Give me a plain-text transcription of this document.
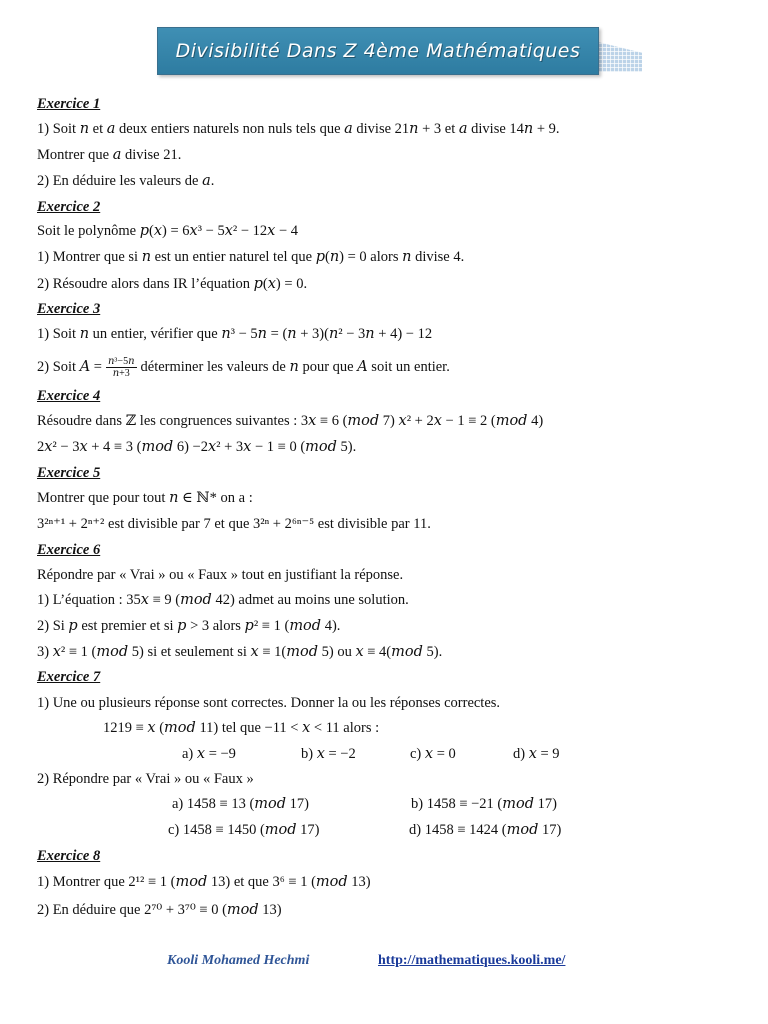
Divisibilité Dans Z 4ème Mathématiques
Exercice 1
1) Soit 𝑛 et 𝑎 deux entiers naturels non nuls tels que 𝑎 divise 21𝑛 + 3 et 𝑎 divise 14𝑛 + 9.
Montrer que 𝑎 divise 21.
2) En déduire les valeurs de 𝑎.
Exercice 2
Soit le polynôme 𝑝(𝑥) = 6𝑥³ − 5𝑥² − 12𝑥 − 4
1) Montrer que si 𝑛 est un entier naturel tel que 𝑝(𝑛) = 0 alors 𝑛 divise 4.
2) Résoudre alors dans IR l’équation 𝑝(𝑥) = 0.
Exercice 3
1) Soit 𝑛 un entier, vérifier que 𝑛³ − 5𝑛 = (𝑛 + 3)(𝑛² − 3𝑛 + 4) − 12
Exercice 4
Résoudre dans ℤ les congruences suivantes : 3𝑥 ≡ 6 (𝑚𝑜𝑑 7) 𝑥² + 2𝑥 − 1 ≡ 2 (𝑚𝑜𝑑 4)
2𝑥² − 3𝑥 + 4 ≡ 3 (𝑚𝑜𝑑 6) −2𝑥² + 3𝑥 − 1 ≡ 0 (𝑚𝑜𝑑 5).
Exercice 5
Montrer que pour tout 𝑛 ∈ ℕ* on a :
3²ⁿ⁺¹ + 2ⁿ⁺² est divisible par 7 et que 3²ⁿ + 2⁶ⁿ⁻⁵ est divisible par 11.
Exercice 6
Répondre par « Vrai » ou « Faux » tout en justifiant la réponse.
1) L’équation : 35𝑥 ≡ 9 (𝑚𝑜𝑑 42) admet au moins une solution.
2) Si 𝑝 est premier et si 𝑝 > 3 alors 𝑝² ≡ 1 (𝑚𝑜𝑑 4).
3) 𝑥² ≡ 1 (𝑚𝑜𝑑 5) si et seulement si 𝑥 ≡ 1(𝑚𝑜𝑑 5) ou 𝑥 ≡ 4(𝑚𝑜𝑑 5).
Exercice 7
1) Une ou plusieurs réponse sont correctes. Donner la ou les réponses correctes.
1219 ≡ 𝑥 (𝑚𝑜𝑑 11) tel que −11 < 𝑥 < 11 alors :
a) 𝑥 = −9	b) 𝑥 = −2	c) 𝑥 = 0	d) 𝑥 = 9
2) Répondre par « Vrai » ou « Faux »
a) 1458 ≡ 13 (𝑚𝑜𝑑 17)	b) 1458 ≡ −21 (𝑚𝑜𝑑 17)
c) 1458 ≡ 1450 (𝑚𝑜𝑑 17)	d) 1458 ≡ 1424 (𝑚𝑜𝑑 17)
Exercice 8
1) Montrer que 2¹² ≡ 1 (𝑚𝑜𝑑 13) et que 3⁶ ≡ 1 (𝑚𝑜𝑑 13)
2) En déduire que 2⁷⁰ + 3⁷⁰ ≡ 0 (𝑚𝑜𝑑 13)
2) Soit 𝐴 = $\frac{\text{𝑛³−5𝑛}}{\text{𝑛+3}}$ déterminer les valeurs de 𝑛 pour que 𝐴 soit un entier.
Kooli Mohamed Hechmi	http://mathematiques.kooli.me/
